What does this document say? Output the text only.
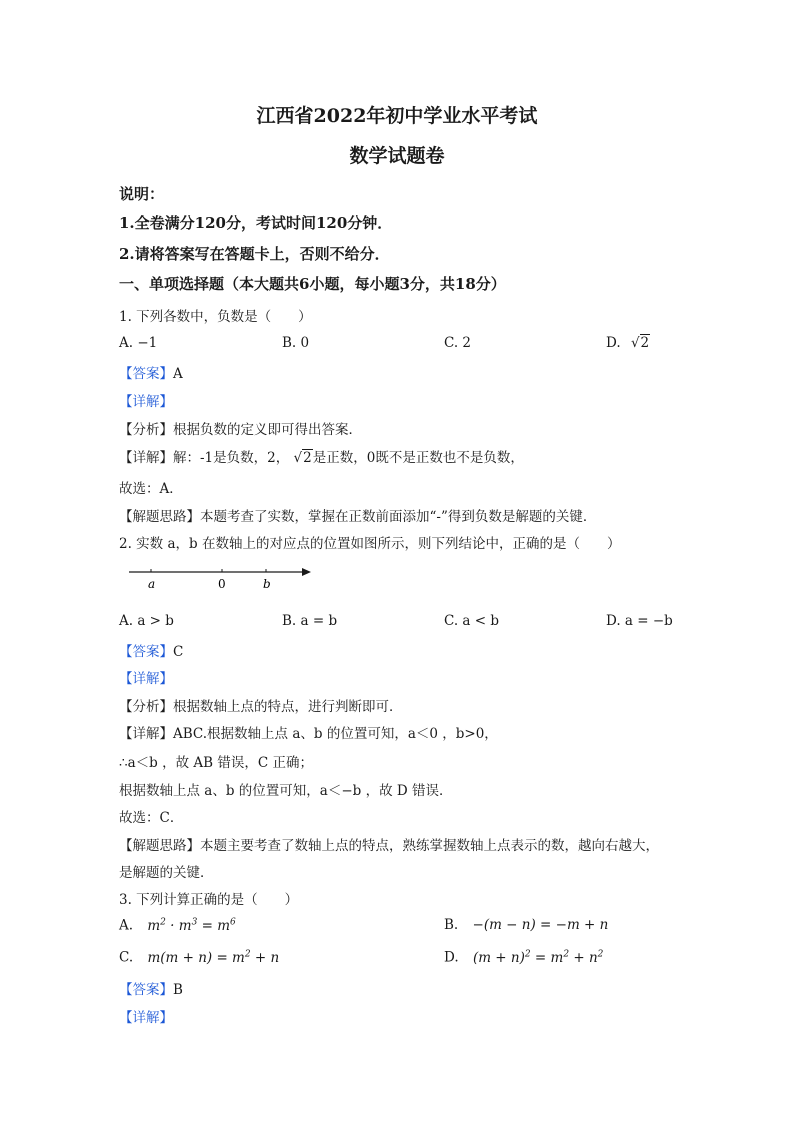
江西省2022年初中学业水平考试
数学试题卷
说明：
1.全卷满分120分，考试时间120分钟．
2.请将答案写在答题卡上，否则不给分．
一、单项选择题（本大题共6小题，每小题3分，共18分）
1. 下列各数中，负数是（　　）
A. −1	B. 0	C. 2	D. √2
【答案】A
【详解】
【分析】根据负数的定义即可得出答案．
【详解】解：-1是负数，2， √2是正数，0既不是正数也不是负数，
故选：A．
【解题思路】本题考查了实数，掌握在正数前面添加“-”得到负数是解题的关键．
2. 实数 a，b 在数轴上的对应点的位置如图所示，则下列结论中，正确的是（　　）
a	0	b
A. a > b	B. a = b	C. a < b	D. a = −b
【答案】C
【详解】
【分析】根据数轴上点的特点，进行判断即可．
【详解】ABC.根据数轴上点 a、b 的位置可知，a＜0 ，b>0，
∴a＜b ，故 AB 错误，C 正确；
根据数轴上点 a、b 的位置可知，a＜−b ，故 D 错误．
故选：C．
【解题思路】本题主要考查了数轴上点的特点，熟练掌握数轴上点表示的数，越向右越大，
是解题的关键．
3. 下列计算正确的是（　　）
A. $m^2 \cdot m^3 = m^6$	B. −(m − n) = −m + n
C. $m(m + n) = m^2 + n$	D. $(m + n)^2 = m^2 + n^2$
【答案】B
【详解】
